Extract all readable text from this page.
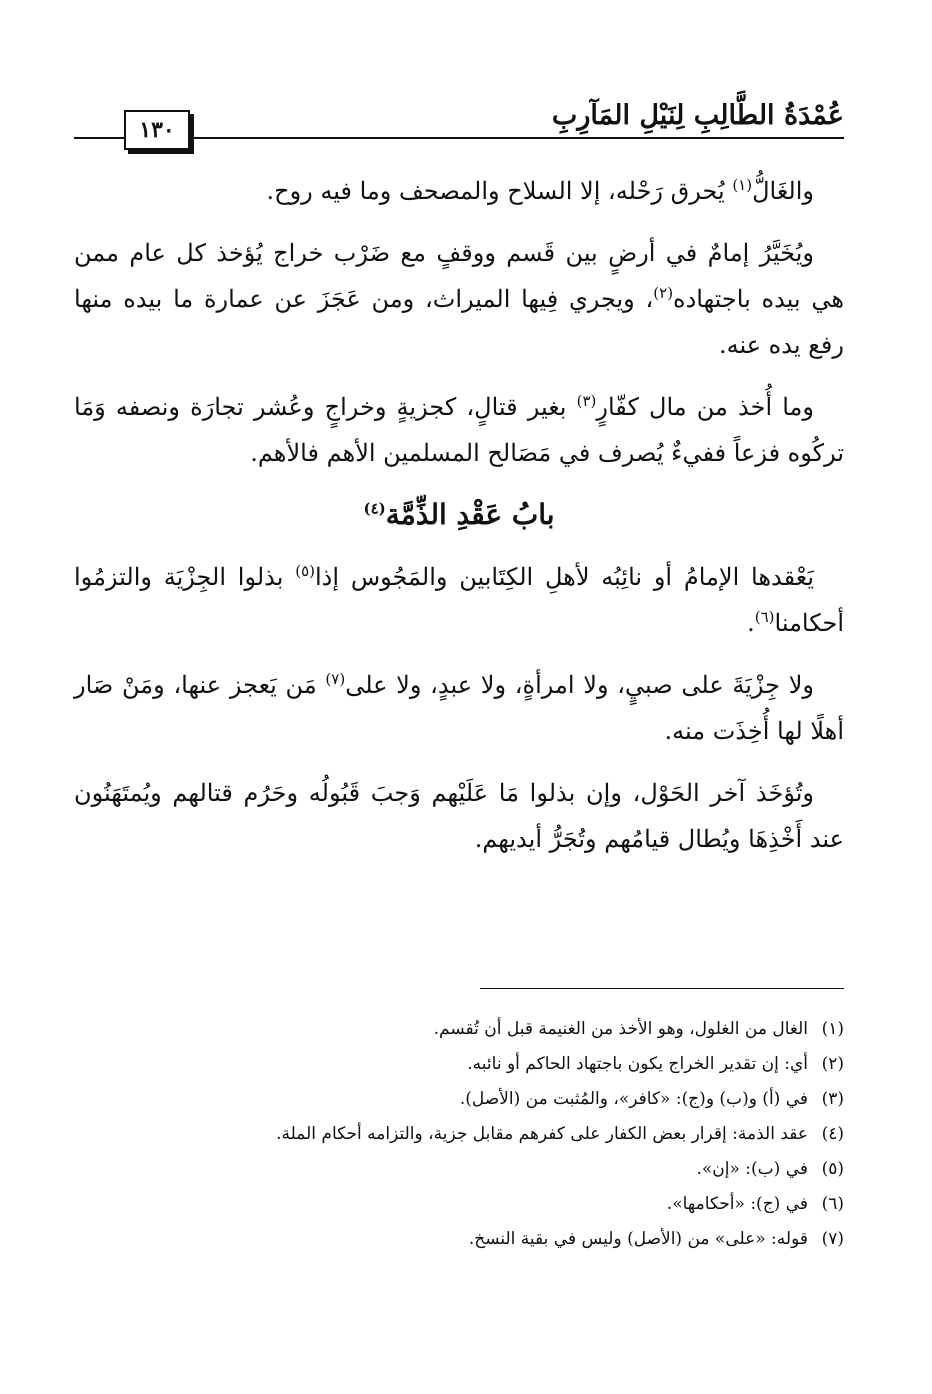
١٣٠	عُمْدَةُ الطَّالِبِ لِنَيْلِ المَآرِبِ

والغَالُّ$^{(١)}$ يُحرق رَحْله، إلا السلاح والمصحف وما فيه روح.

ويُخَيَّرُ إمامٌ في أرضٍ بين قَسم ووقفٍ مع ضَرْب خراج يُؤخذ كل عام ممن هي بيده باجتهاده$^{(٢)}$، ويجري فِيها الميراث، ومن عَجَزَ عن عمارة ما بيده منها رفع يده عنه.

وما أُخذ من مال كفّارٍ$^{(٣)}$ بغير قتالٍ، كجزيةٍ وخراجٍ وعُشر تجارَة ونصفه وَمَا تركُوه فزعاً ففيءٌ يُصرف في مَصَالح المسلمين الأهم فالأهم.

بابُ عَقْدِ الذِّمَّة$^{(٤)}$

يَعْقدها الإمامُ أو نائِبُه لأهلِ الكِتَابين والمَجُوس إذا$^{(٥)}$ بذلوا الجِزْيَة والتزمُوا أحكامنا$^{(٦)}$.

ولا جِزْيَةَ على صبيٍ، ولا امرأةٍ، ولا عبدٍ، ولا على$^{(٧)}$ مَن يَعجز عنها، ومَنْ صَار أهلًا لها أُخِذَت منه.

وتُؤخَذ آخر الحَوْل، وإن بذلوا مَا عَلَيْهم وَجبَ قَبُولُه وحَرُم قتالهم ويُمتَهَنُون عند أَخْذِهَا ويُطال قيامُهم وتُجَرُّ أيديهم.

(١)
الغال من الغلول، وهو الأخذ من الغنيمة قبل أن تُقسم.
(٢)
أي: إن تقدير الخراج يكون باجتهاد الحاكم أو نائبه.
(٣)
في (أ) و(ب) و(ج): «كافر»، والمُثبت من (الأصل).
(٤)
عقد الذمة: إقرار بعض الكفار على كفرهم مقابل جزية، والتزامه أحكام الملة.
(٥)
في (ب): «إن».
(٦)
في (ج): «أحكامها».
(٧)
قوله: «على» من (الأصل) وليس في بقية النسخ.
